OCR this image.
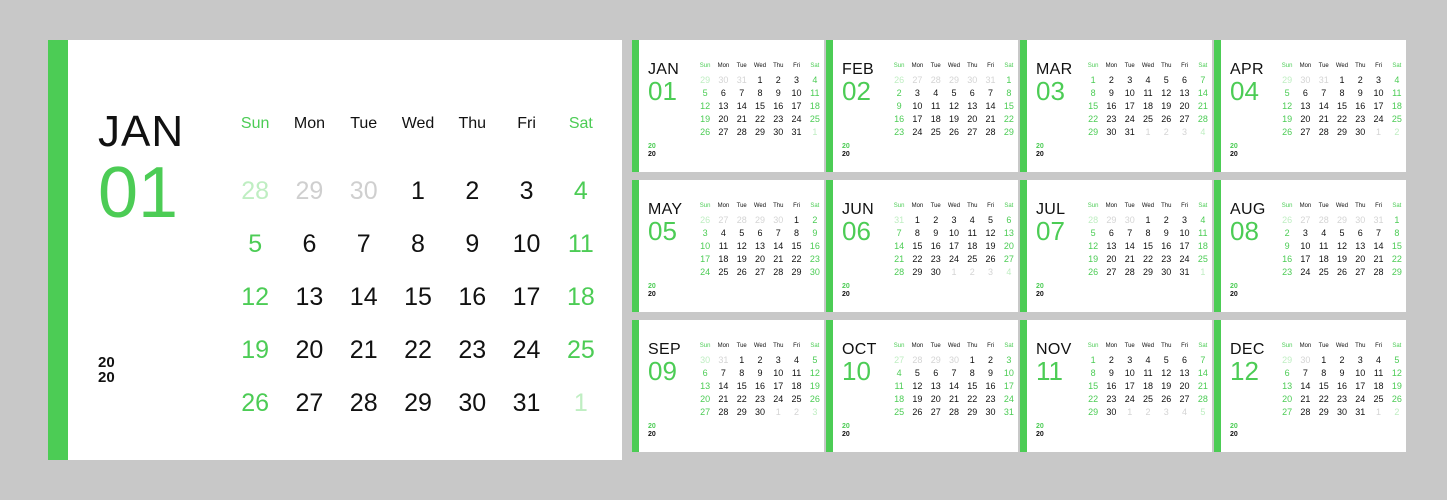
JAN
01
20
20
Sun	Mon	Tue	Wed	Thu	Fri	Sat
28	29	30	1	2	3	4
5	6	7	8	9	10	11
12	13	14	15	16	17	18
19	20	21	22	23	24	25
26	27	28	29	30	31	1
JAN
01
20
20
Sun	Mon	Tue	Wed	Thu	Fri	Sat
29 30 31	1	2	3	4
5	6	7	8	9	10 11
12 13 14 15 16 17 18
19 20 21 22 23 24 25
26 27 28 29 30 31	1
FEB
02
20
20
Sun	Mon	Tue	Wed	Thu	Fri	Sat
26 27 28 29 30 31	1
2	3	4	5	6	7	8
9	10 11 12 13 14 15
16 17 18 19 20 21 22
23 24 25 26 27 28 29
MAR
03
20
20
Sun	Mon	Tue	Wed	Thu	Fri	Sat
1	2	3	4	5	6	7
8	9	10 11 12 13 14
15 16 17 18 19 20 21
22 23 24 25 26 27 28
29 30 31	1	2	3	4
APR
04
20
20
Sun	Mon	Tue	Wed	Thu	Fri	Sat
29 30 31	1	2	3	4
5	6	7	8	9	10 11
12 13 14 15 16 17 18
19 20 21 22 23 24 25
26 27 28 29 30	1	2
MAY
05
20
20
Sun	Mon	Tue	Wed	Thu	Fri	Sat
26 27 28 29 30	1	2
3	4	5	6	7	8	9
10 11 12 13 14 15 16
17 18 19 20 21 22 23
24 25 26 27 28 29 30
JUN
06
20
20
Sun	Mon	Tue	Wed	Thu	Fri	Sat
31	1	2	3	4	5	6
7	8	9	10 11 12 13
14 15 16 17 18 19 20
21 22 23 24 25 26 27
28 29 30	1	2	3	4
JUL
07
20
20
Sun	Mon	Tue	Wed	Thu	Fri	Sat
28 29 30	1	2	3	4
5	6	7	8	9	10 11
12 13 14 15 16 17 18
19 20 21 22 23 24 25
26 27 28 29 30 31	1
AUG
08
20
20
Sun	Mon	Tue	Wed	Thu	Fri	Sat
26 27 28 29 30 31	1
2	3	4	5	6	7	8
9	10 11 12 13 14 15
16 17 18 19 20 21 22
23 24 25 26 27 28 29
SEP
09
20
20
Sun	Mon	Tue	Wed	Thu	Fri	Sat
30 31	1	2	3	4	5
6	7	8	9	10 11 12
13 14 15 16 17 18 19
20 21 22 23 24 25 26
27 28 29 30	1	2	3
OCT
10
20
20
Sun	Mon	Tue	Wed	Thu	Fri	Sat
27 28 29 30	1	2	3
4	5	6	7	8	9	10
11 12 13 14 15 16 17
18 19 20 21 22 23 24
25 26 27 28 29 30 31
NOV
11
20
20
Sun	Mon	Tue	Wed	Thu	Fri	Sat
1	2	3	4	5	6	7
8	9	10 11 12 13 14
15 16 17 18 19 20 21
22 23 24 25 26 27 28
29 30	1	2	3	4	5
DEC
12
20
20
Sun	Mon	Tue	Wed	Thu	Fri	Sat
29 30	1	2	3	4	5
6	7	8	9	10 11 12
13 14 15 16 17 18 19
20 21 22 23 24 25 26
27 28 29 30 31	1	2
